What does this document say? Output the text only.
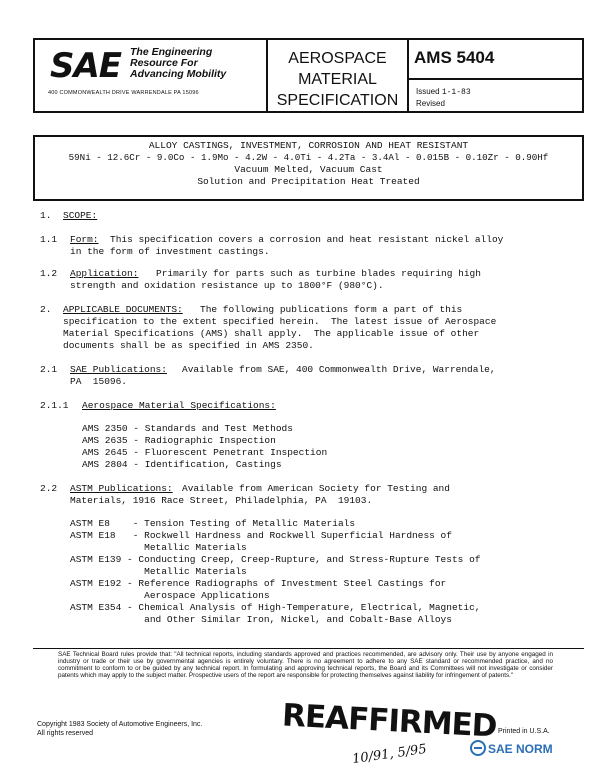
SAE The Engineering
Resource For
Advancing Mobility
400 COMMONWEALTH DRIVE WARRENDALE PA 15096
AEROSPACE
MATERIAL
SPECIFICATION
AMS 5404
Issued 1-1-83
Revised
ALLOY CASTINGS, INVESTMENT, CORROSION AND HEAT RESISTANT
59Ni - 12.6Cr - 9.0Co - 1.9Mo - 4.2W - 4.0Ti - 4.2Ta - 3.4Al - 0.015B - 0.10Zr - 0.90Hf
Vacuum Melted, Vacuum Cast
Solution and Precipitation Heat Treated
1. SCOPE:
1.1 Form: This specification covers a corrosion and heat resistant nickel alloy
in the form of investment castings.
1.2 Application: Primarily for parts such as turbine blades requiring high
strength and oxidation resistance up to 1800°F (980°C).
2. APPLICABLE DOCUMENTS: The following publications form a part of this
specification to the extent specified herein.  The latest issue of Aerospace
Material Specifications (AMS) shall apply.  The applicable issue of other
documents shall be as specified in AMS 2350.
2.1 SAE Publications: Available from SAE, 400 Commonwealth Drive, Warrendale,
PA  15096.
2.1.1 Aerospace Material Specifications:
AMS 2350 - Standards and Test Methods
AMS 2635 - Radiographic Inspection
AMS 2645 - Fluorescent Penetrant Inspection
AMS 2804 - Identification, Castings
2.2 ASTM Publications: Available from American Society for Testing and
Materials, 1916 Race Street, Philadelphia, PA  19103.
ASTM E8    - Tension Testing of Metallic Materials
ASTM E18   - Rockwell Hardness and Rockwell Superficial Hardness of
Metallic Materials
ASTM E139 - Conducting Creep, Creep-Rupture, and Stress-Rupture Tests of
Metallic Materials
ASTM E192 - Reference Radiographs of Investment Steel Castings for
Aerospace Applications
ASTM E354 - Chemical Analysis of High-Temperature, Electrical, Magnetic,
and Other Similar Iron, Nickel, and Cobalt-Base Alloys
SAE Technical Board rules provide that: "All technical reports, including standards approved and practices recommended, are advisory only. Their use by anyone engaged in industry or trade or their use by governmental agencies is entirely voluntary. There is no agreement to adhere to any SAE standard or recommended practice, and no commitment to conform to or be guided by any technical report. In formulating and approving technical reports, the Board and its Committees will not investigate or consider patents which may apply to the subject matter. Prospective users of the report are responsible for protecting themselves against liability for infringement of patents."
Copyright 1983 Society of Automotive Engineers, Inc.
All rights reserved	REAFFIRMED
10/91, 5/95
Printed in U.S.A.
SAE NORM
